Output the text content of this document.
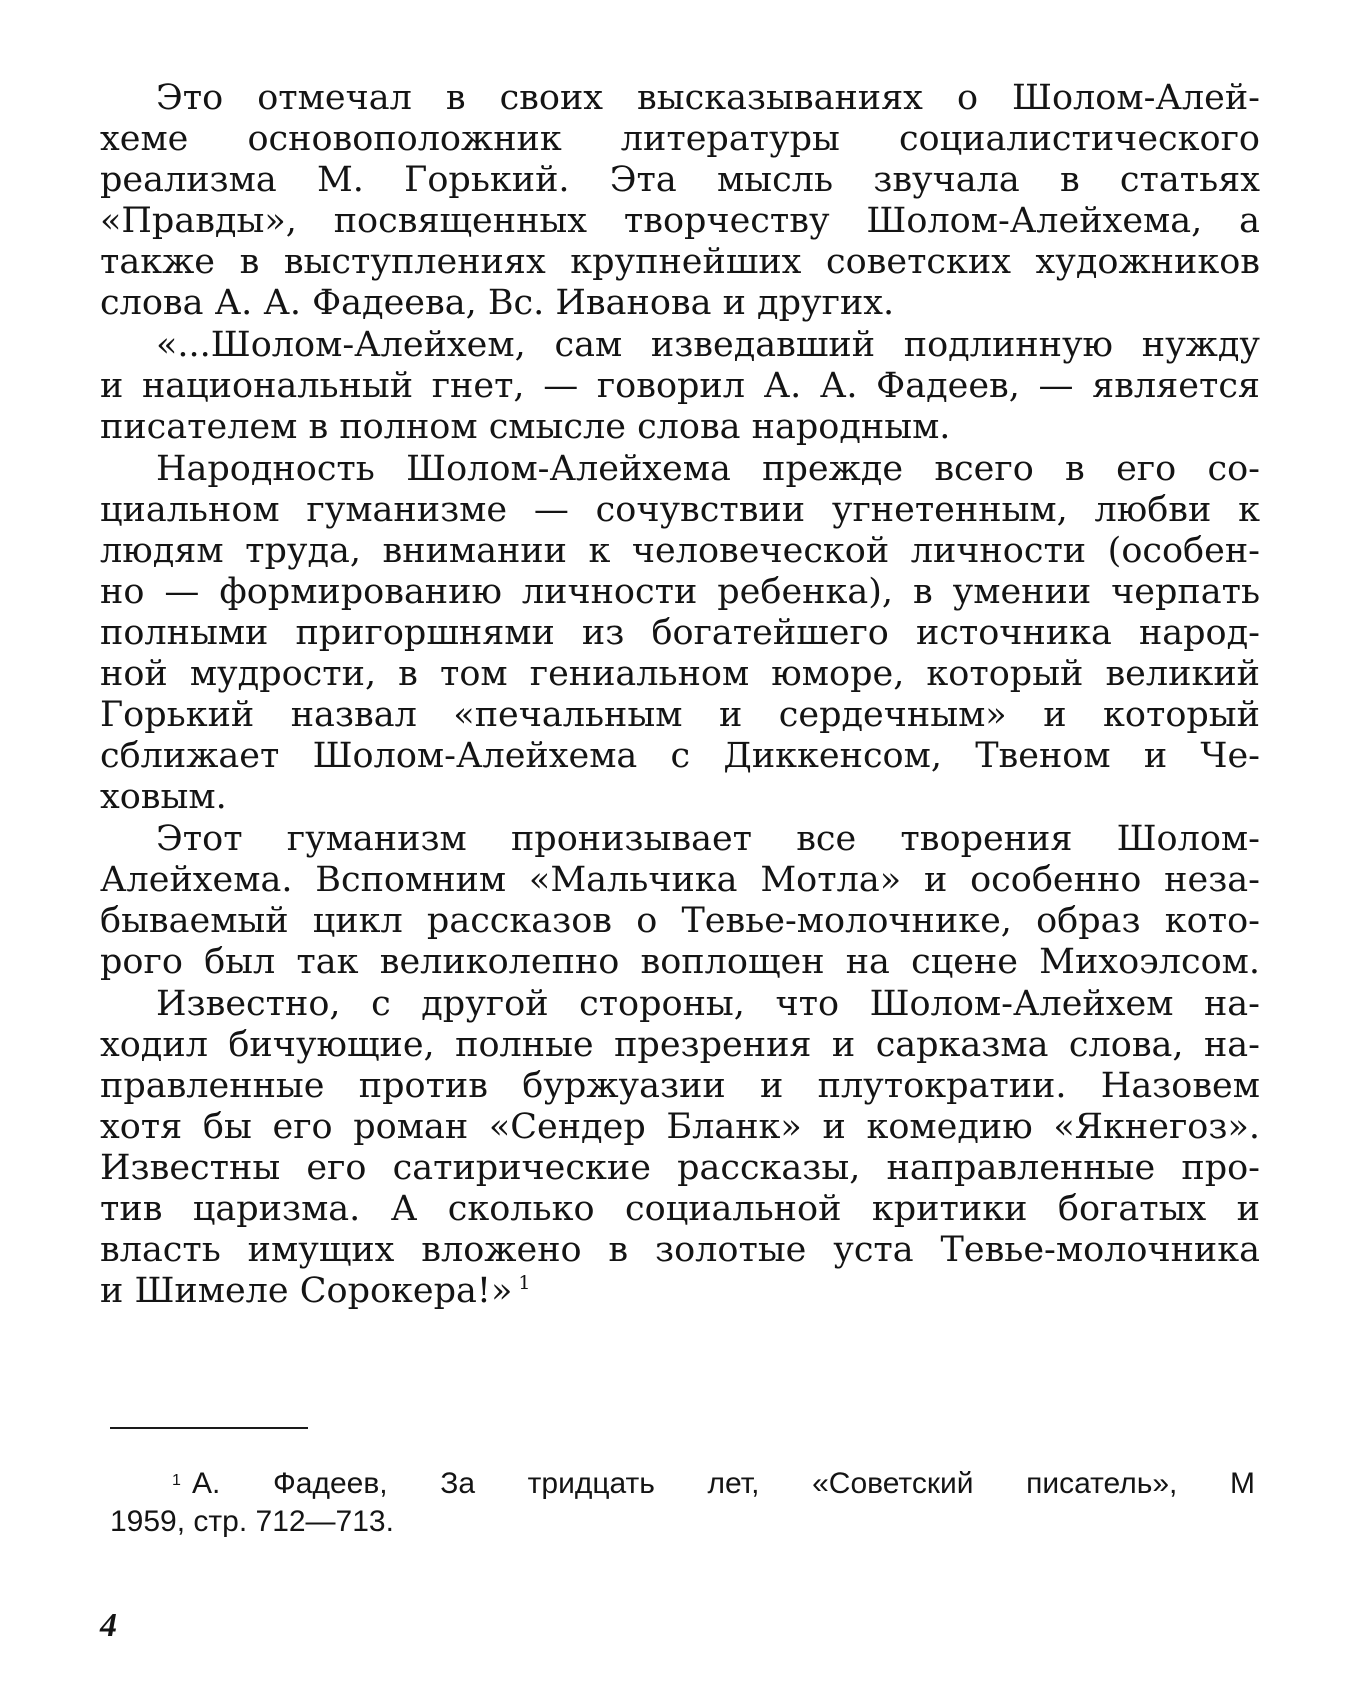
Это отмечал в своих высказываниях о Шолом-Алей-

хеме основоположник литературы социалистического

реализма М. Горький. Эта мысль звучала в статьях

«Правды», посвященных творчеству Шолом-Алейхема, а

также в выступлениях крупнейших советских художников

слова А. А. Фадеева, Вс. Иванова и других.

«...Шолом-Алейхем, сам изведавший подлинную нужду

и национальный гнет, — говорил А. А. Фадеев, — является

писателем в полном смысле слова народным.

Народность Шолом-Алейхема прежде всего в его со-

циальном гуманизме — сочувствии угнетенным, любви к

людям труда, внимании к человеческой личности (особен-

но — формированию личности ребенка), в умении черпать

полными пригоршнями из богатейшего источника народ-

ной мудрости, в том гениальном юморе, который великий

Горький назвал «печальным и сердечным» и который

сближает Шолом-Алейхема с Диккенсом, Твеном и Че-

ховым.

Этот гуманизм пронизывает все творения Шолом-

Алейхема. Вспомним «Мальчика Мотла» и особенно неза-

бываемый цикл рассказов о Тевье-молочнике, образ кото-

рого был так великолепно воплощен на сцене Михоэлсом.

Известно, с другой стороны, что Шолом-Алейхем на-

ходил бичующие, полные презрения и сарказма слова, на-

правленные против буржуазии и плутократии. Назовем

хотя бы его роман «Сендер Бланк» и комедию «Якнегоз».

Известны его сатирические рассказы, направленные про-

тив царизма. А сколько социальной критики богатых и

власть имущих вложено в золотые уста Тевье-молочника

и Шимеле Сорокера!» $^1$

1 А. Фадеев, За тридцать лет, «Советский писатель», М

1959, стр. 712—713.

4
